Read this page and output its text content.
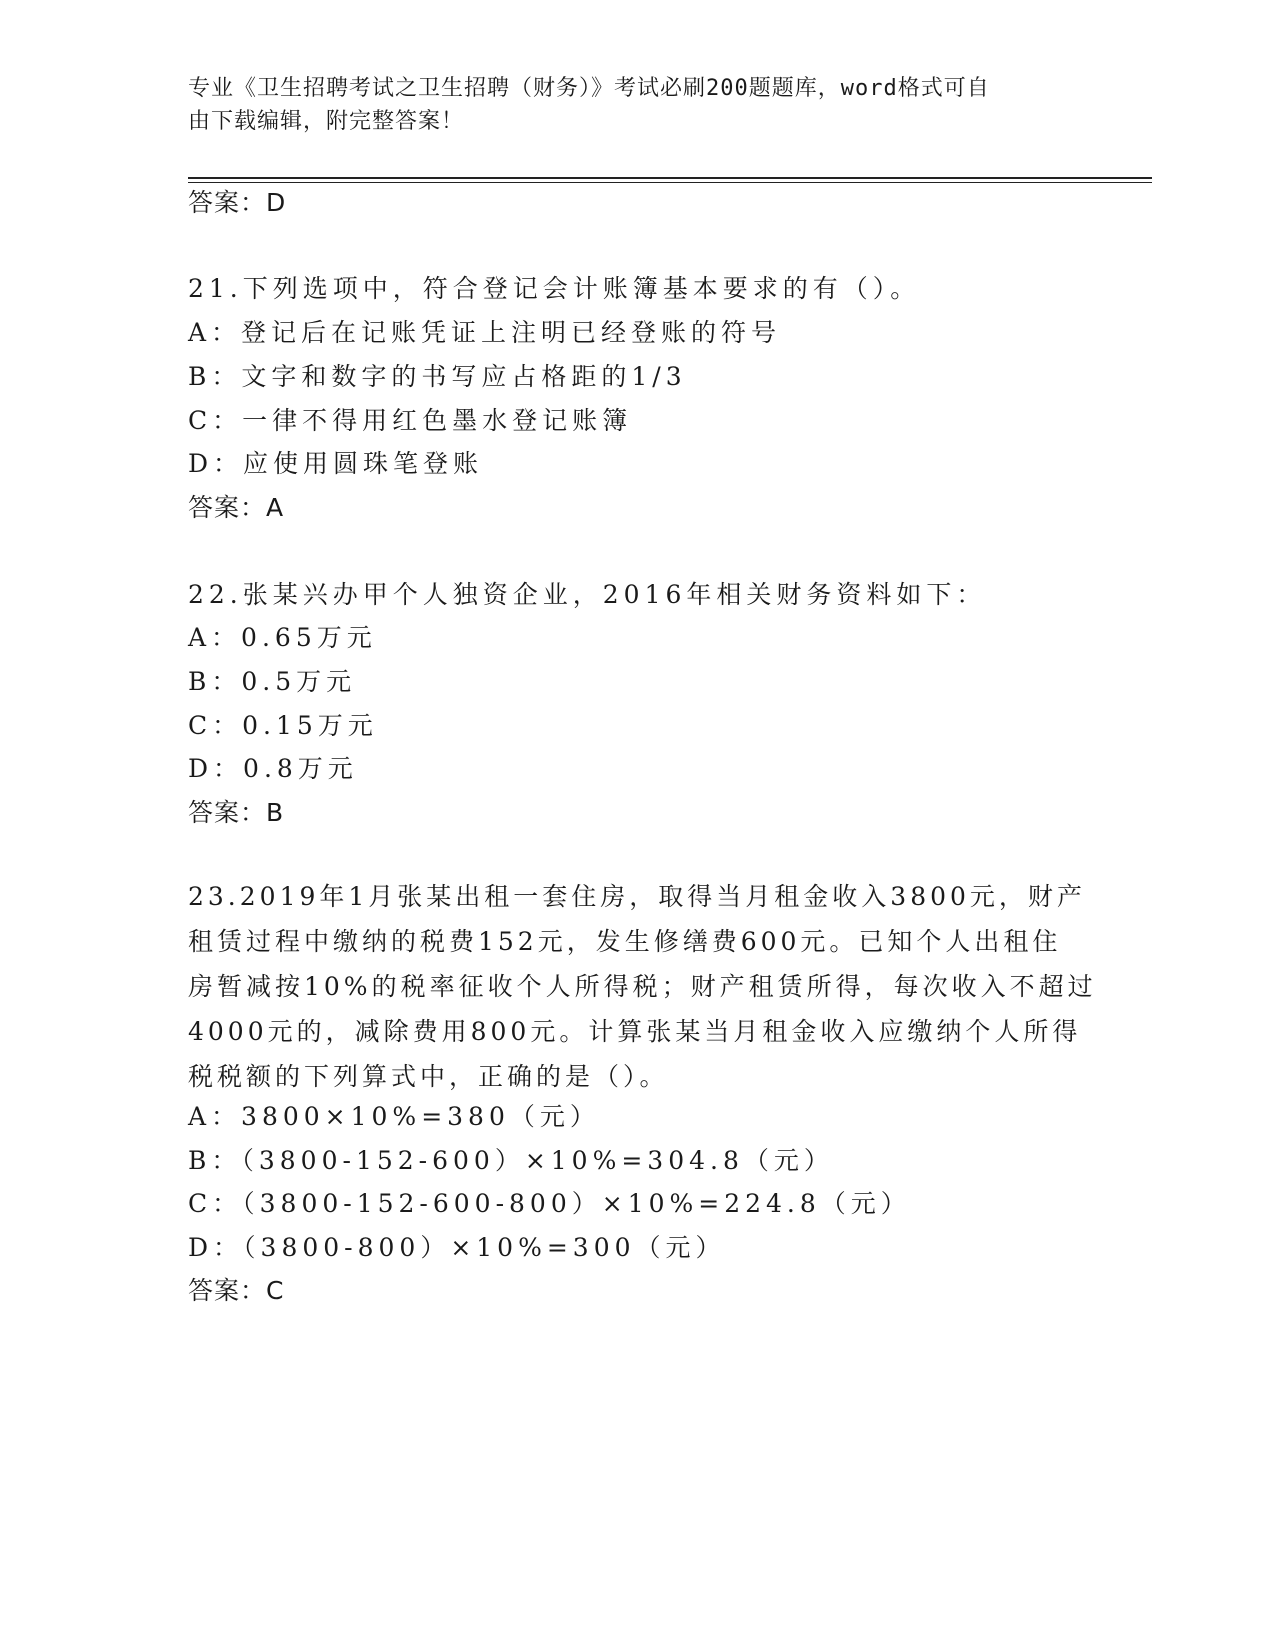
专业《卫生招聘考试之卫生招聘（财务）》考试必刷200题题库，word格式可自
由下载编辑，附完整答案！
答案：D
21.下列选项中，符合登记会计账簿基本要求的有（）。
A：登记后在记账凭证上注明已经登账的符号
B：文字和数字的书写应占格距的1/3
C：一律不得用红色墨水登记账簿
D：应使用圆珠笔登账
答案：A
22.张某兴办甲个人独资企业，2016年相关财务资料如下：
A：0.65万元
B：0.5万元
C：0.15万元
D：0.8万元
答案：B
23.2019年1月张某出租一套住房，取得当月租金收入3800元，财产
租赁过程中缴纳的税费152元，发生修缮费600元。已知个人出租住
房暂减按10%的税率征收个人所得税；财产租赁所得，每次收入不超过
4000元的，减除费用800元。计算张某当月租金收入应缴纳个人所得
税税额的下列算式中，正确的是（）。
A：3800×10%=380（元）
B：（3800-152-600）×10%=304.8（元）
C：（3800-152-600-800）×10%=224.8（元）
D：（3800-800）×10%=300（元）
答案：C
